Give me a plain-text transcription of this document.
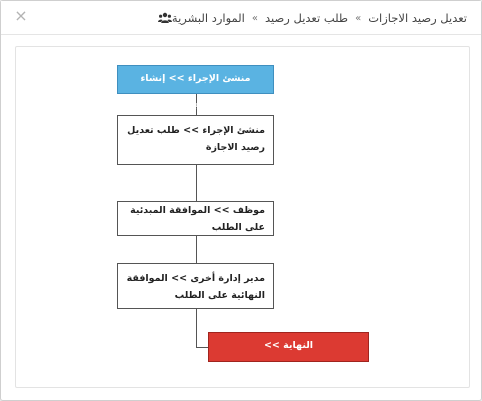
×	الموارد البشرية » طلب تعديل رصيد » تعديل رصيد الاجازات
منشئ الإجراء >> إنشاء الإجراء
منشئ الإجراء >> طلب تعديل رصيد الاجازة
موظف >> الموافقة المبدئية على الطلب
مدير إدارة أخرى >> الموافقة النهائية على الطلب
النهاية >>
